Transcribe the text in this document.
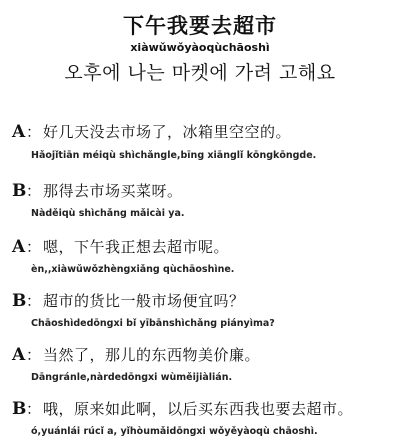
下午我要去超市
xiàwǔwǒyàoqùchāoshì
오후에 나는 마켓에 가려 고해요
A： 好几天没去市场了，冰箱里空空的。
Hǎojǐtiān méiqù shìchǎngle,bīng xiānglǐ kōngkōngde.
B： 那得去市场买菜呀。
Nàděiqù shìchǎng mǎicài ya.
A： 嗯，下午我正想去超市呢。
èn,,xiàwǔwǒzhèngxiǎng qùchāoshìne.
B： 超市的货比一般市场便宜吗？
Chāoshìdedōngxi bǐ yībānshìchǎng piányìma?
A： 当然了，那儿的东西物美价廉。
Dāngránle,nàrdedōngxi wùměijiàlián.
B： 哦，原来如此啊，以后买东西我也要去超市。
ó,yuánlái rúcǐ a, yǐhòumǎidōngxi wǒyěyàoqù chāoshì.
